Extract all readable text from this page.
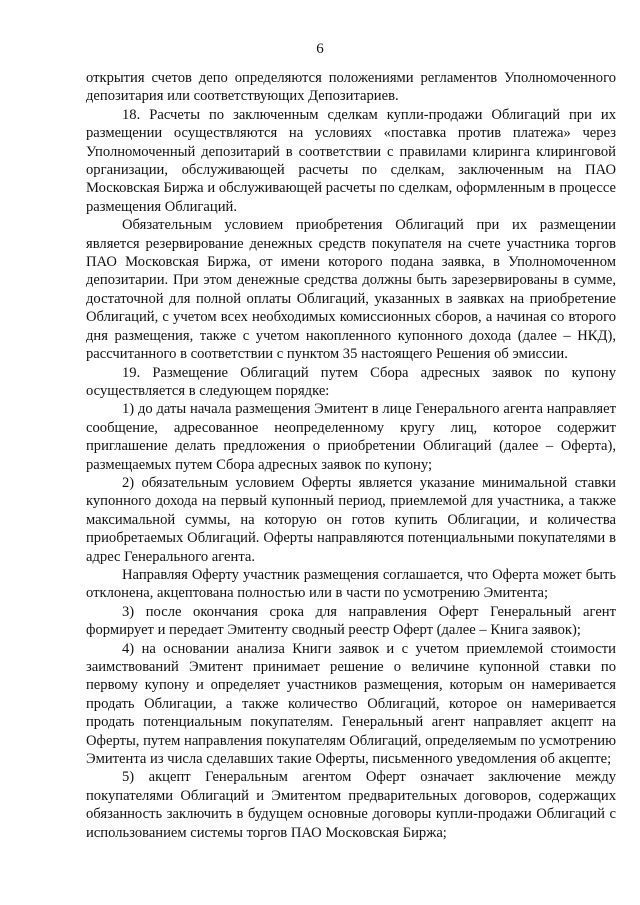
6

открытия счетов депо определяются положениями регламентов Уполномоченного депозитария или соответствующих Депозитариев.

18. Расчеты по заключенным сделкам купли-продажи Облигаций при их размещении осуществляются на условиях «поставка против платежа» через Уполномоченный депозитарий в соответствии с правилами клиринга клиринговой организации, обслуживающей расчеты по сделкам, заключенным на ПАО Московская Биржа и обслуживающей расчеты по сделкам, оформленным в процессе размещения Облигаций.

Обязательным условием приобретения Облигаций при их размещении является резервирование денежных средств покупателя на счете участника торгов ПАО Московская Биржа, от имени которого подана заявка, в Уполномоченном депозитарии. При этом денежные средства должны быть зарезервированы в сумме, достаточной для полной оплаты Облигаций, указанных в заявках на приобретение Облигаций, с учетом всех необходимых комиссионных сборов, а начиная со второго дня размещения, также с учетом накопленного купонного дохода (далее – НКД), рассчитанного в соответствии с пунктом 35 настоящего Решения об эмиссии.

19. Размещение Облигаций путем Сбора адресных заявок по купону осуществляется в следующем порядке:

1) до даты начала размещения Эмитент в лице Генерального агента направляет сообщение, адресованное неопределенному кругу лиц, которое содержит приглашение делать предложения о приобретении Облигаций (далее – Оферта), размещаемых путем Сбора адресных заявок по купону;

2) обязательным условием Оферты является указание минимальной ставки купонного дохода на первый купонный период, приемлемой для участника, а также максимальной суммы, на которую он готов купить Облигации, и количества приобретаемых Облигаций. Оферты направляются потенциальными покупателями в адрес Генерального агента.

Направляя Оферту участник размещения соглашается, что Оферта может быть отклонена, акцептована полностью или в части по усмотрению Эмитента;

3) после окончания срока для направления Оферт Генеральный агент формирует и передает Эмитенту сводный реестр Оферт (далее – Книга заявок);

4) на основании анализа Книги заявок и с учетом приемлемой стоимости заимствований Эмитент принимает решение о величине купонной ставки по первому купону и определяет участников размещения, которым он намеривается продать Облигации, а также количество Облигаций, которое он намеривается продать потенциальным покупателям. Генеральный агент направляет акцепт на Оферты, путем направления покупателям Облигаций, определяемым по усмотрению Эмитента из числа сделавших такие Оферты, письменного уведомления об акцепте;

5) акцепт Генеральным агентом Оферт означает заключение между покупателями Облигаций и Эмитентом предварительных договоров, содержащих обязанность заключить в будущем основные договоры купли-продажи Облигаций с использованием системы торгов ПАО Московская Биржа;
